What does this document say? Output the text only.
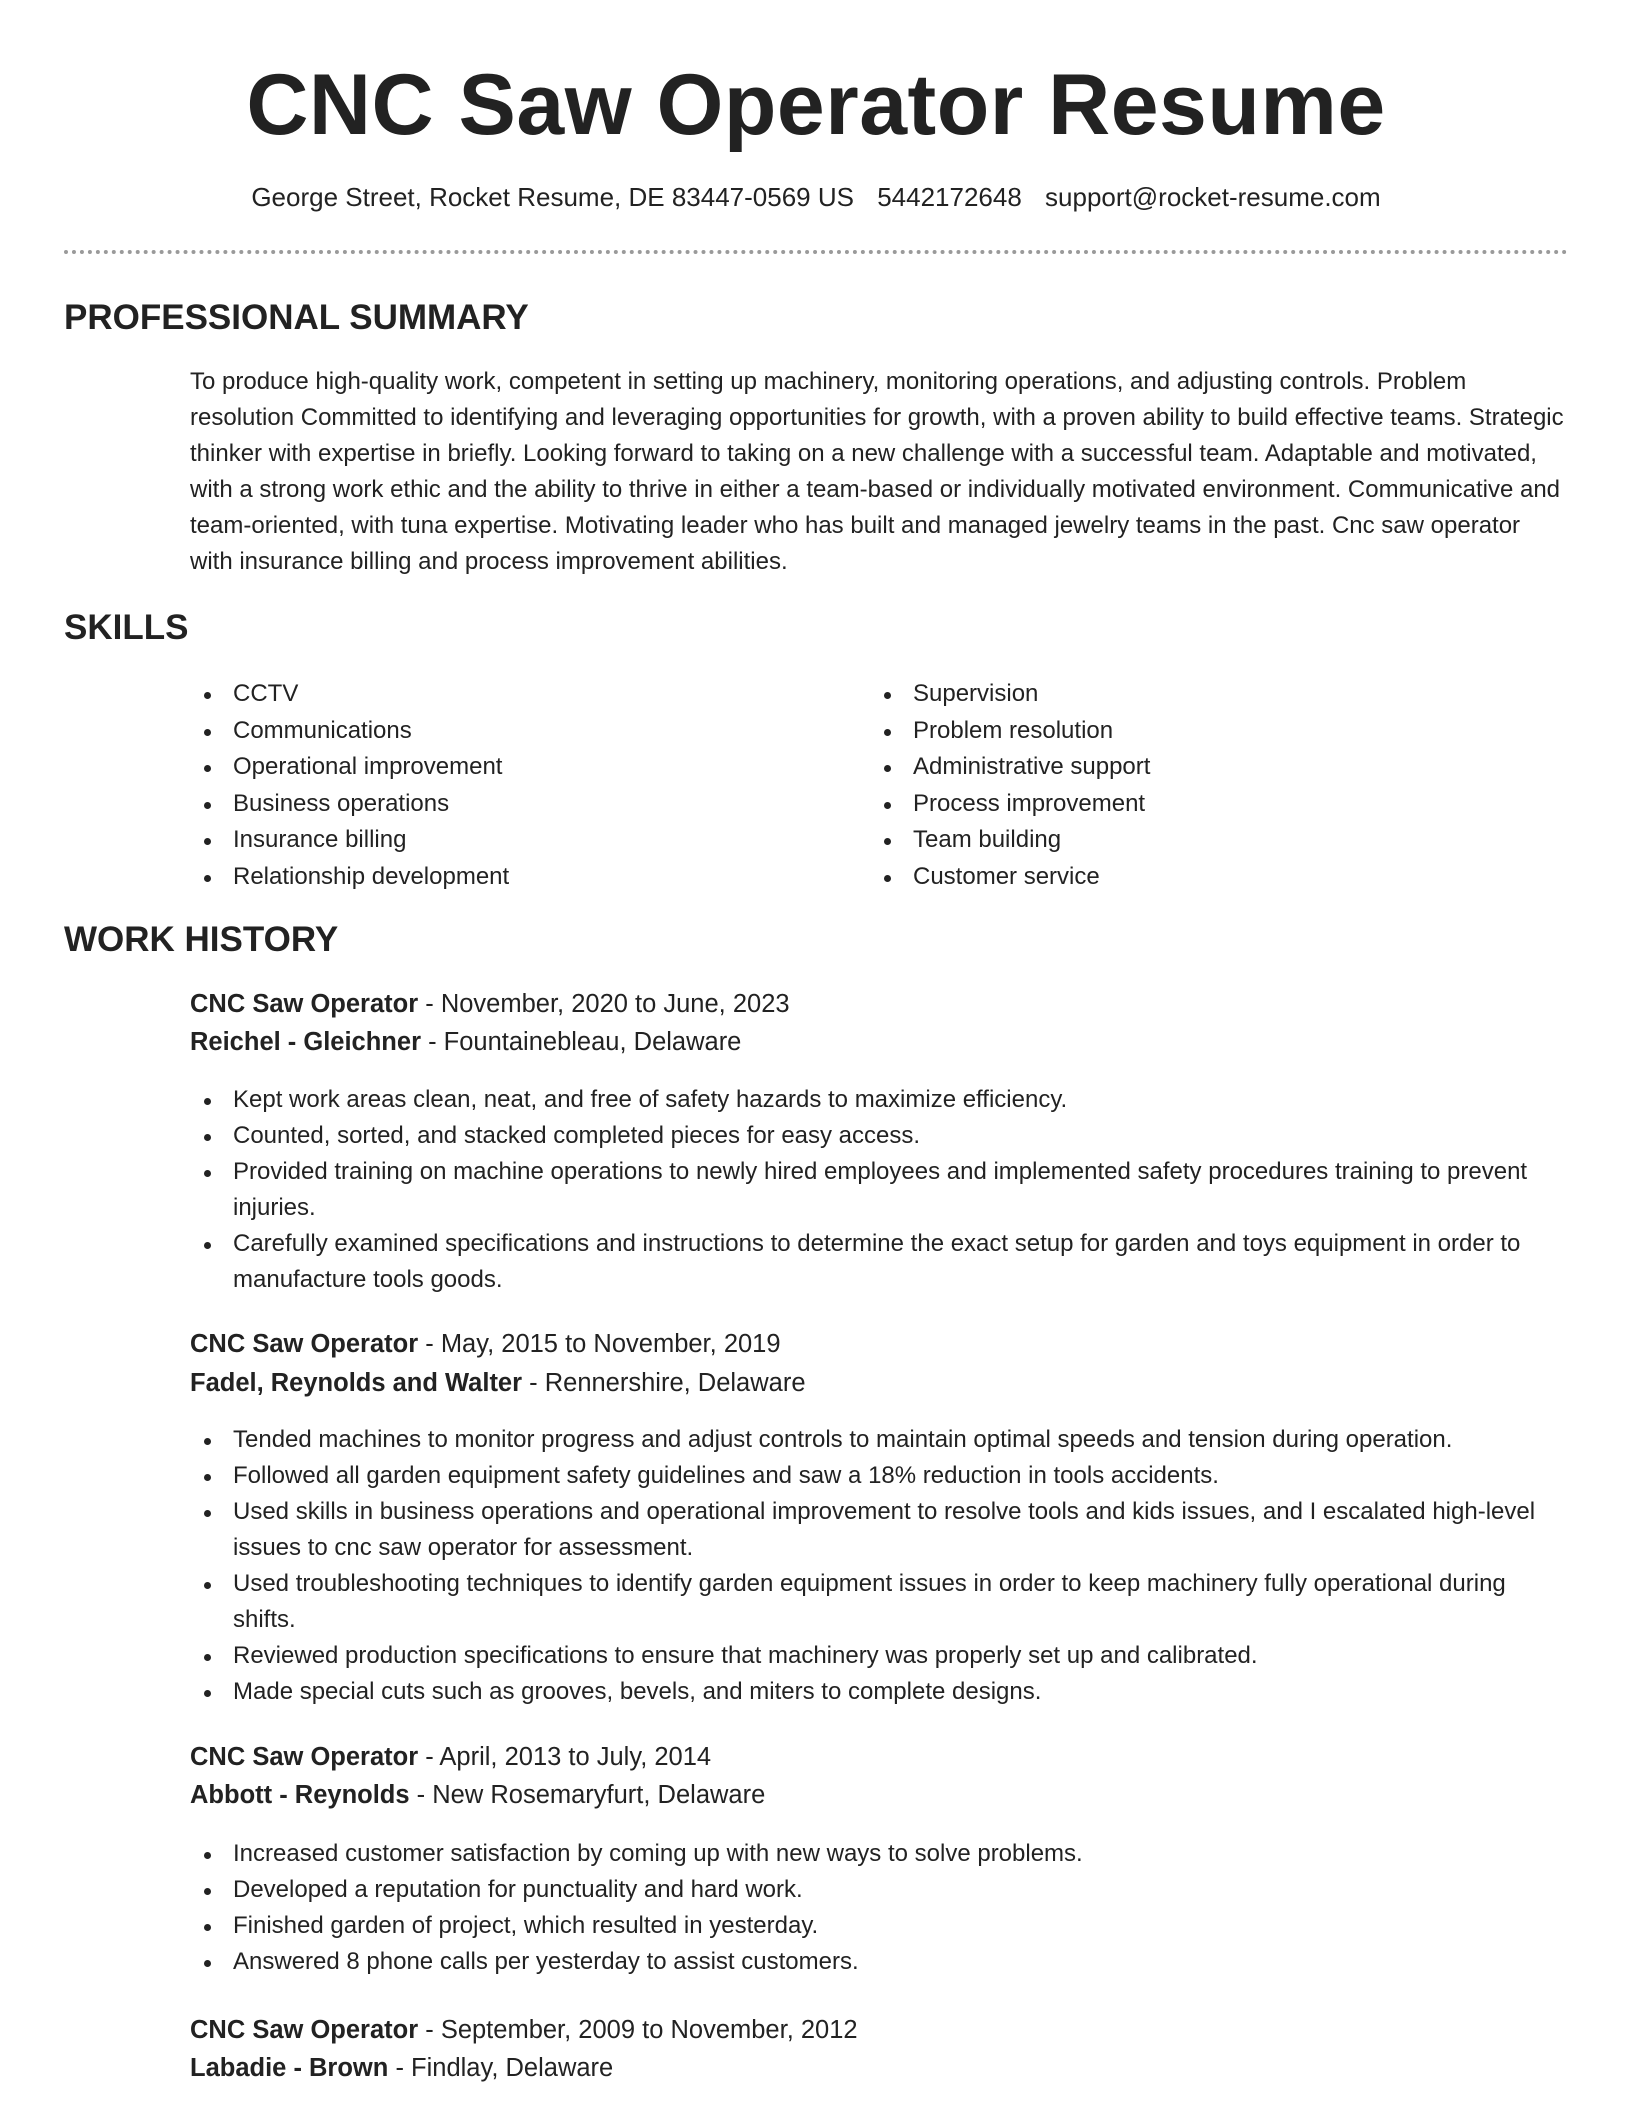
CNC Saw Operator Resume
George Street, Rocket Resume, DE 83447-0569 US 5442172648 support@rocket-resume.com
PROFESSIONAL SUMMARY

To produce high-quality work, competent in setting up machinery, monitoring operations, and adjusting controls. Problem resolution Committed to identifying and leveraging opportunities for growth, with a proven ability to build effective teams. Strategic thinker with expertise in briefly. Looking forward to taking on a new challenge with a successful team. Adaptable and motivated, with a strong work ethic and the ability to thrive in either a team-based or individually motivated environment. Communicative and team-oriented, with tuna expertise. Motivating leader who has built and managed jewelry teams in the past. Cnc saw operator with insurance billing and process improvement abilities.

SKILLS
CCTV
Communications
Operational improvement
Business operations
Insurance billing
Relationship development
Supervision
Problem resolution
Administrative support
Process improvement
Team building
Customer service
WORK HISTORY

CNC Saw Operator - November, 2020 to June, 2023

Reichel - Gleichner - Fountainebleau, Delaware

Kept work areas clean, neat, and free of safety hazards to maximize efficiency.
Counted, sorted, and stacked completed pieces for easy access.
Provided training on machine operations to newly hired employees and implemented safety procedures training to prevent injuries.
Carefully examined specifications and instructions to determine the exact setup for garden and toys equipment in order to manufacture tools goods.

CNC Saw Operator - May, 2015 to November, 2019

Fadel, Reynolds and Walter - Rennershire, Delaware

Tended machines to monitor progress and adjust controls to maintain optimal speeds and tension during operation.
Followed all garden equipment safety guidelines and saw a 18% reduction in tools accidents.
Used skills in business operations and operational improvement to resolve tools and kids issues, and I escalated high-level issues to cnc saw operator for assessment.
Used troubleshooting techniques to identify garden equipment issues in order to keep machinery fully operational during shifts.
Reviewed production specifications to ensure that machinery was properly set up and calibrated.
Made special cuts such as grooves, bevels, and miters to complete designs.

CNC Saw Operator - April, 2013 to July, 2014

Abbott - Reynolds - New Rosemaryfurt, Delaware

Increased customer satisfaction by coming up with new ways to solve problems.
Developed a reputation for punctuality and hard work.
Finished garden of project, which resulted in yesterday.
Answered 8 phone calls per yesterday to assist customers.

CNC Saw Operator - September, 2009 to November, 2012

Labadie - Brown - Findlay, Delaware
